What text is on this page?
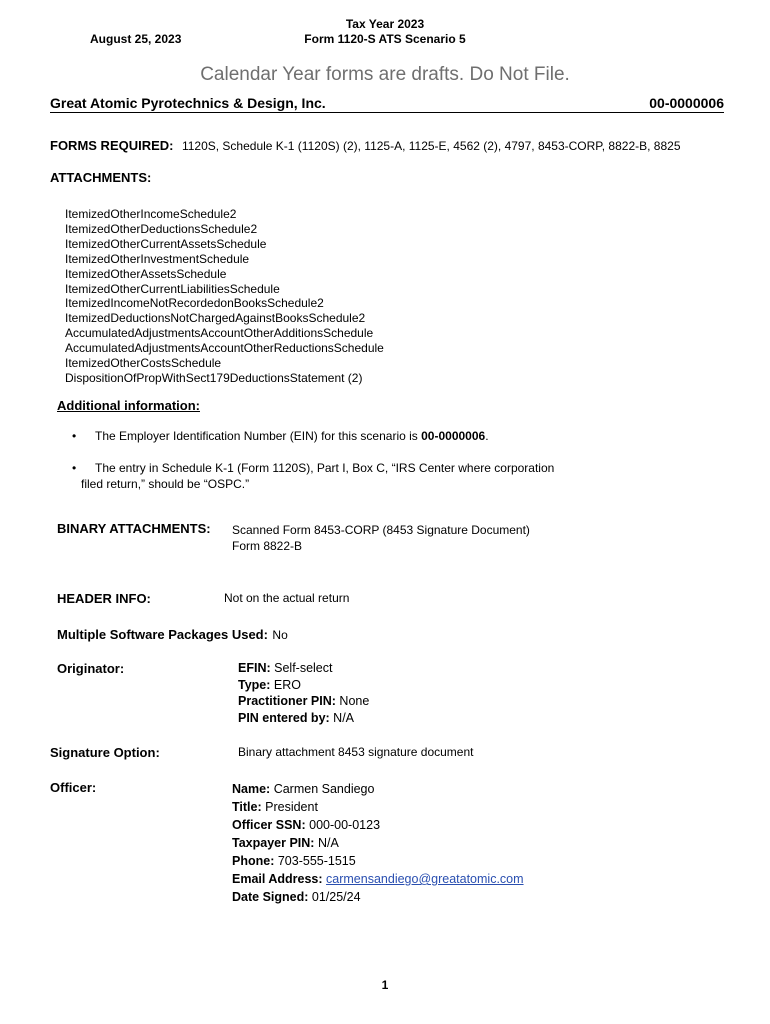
August 25, 2023
Tax Year 2023
Form 1120-S ATS Scenario 5
Calendar Year forms are drafts. Do Not File.
Great Atomic Pyrotechnics & Design, Inc.	00-0000006
FORMS REQUIRED: 1120S, Schedule K-1 (1120S) (2), 1125-A, 1125-E, 4562 (2), 4797, 8453-CORP, 8822-B, 8825
ATTACHMENTS:
ItemizedOtherIncomeSchedule2
ItemizedOtherDeductionsSchedule2
ItemizedOtherCurrentAssetsSchedule
ItemizedOtherInvestmentSchedule
ItemizedOtherAssetsSchedule
ItemizedOtherCurrentLiabilitiesSchedule
ItemizedIncomeNotRecordedonBooksSchedule2
ItemizedDeductionsNotChargedAgainstBooksSchedule2
AccumulatedAdjustmentsAccountOtherAdditionsSchedule
AccumulatedAdjustmentsAccountOtherReductionsSchedule
ItemizedOtherCostsSchedule
DispositionOfPropWithSect179DeductionsStatement (2)
Additional information:
• The Employer Identification Number (EIN) for this scenario is 00-0000006.
• The entry in Schedule K-1 (Form 1120S), Part I, Box C, “IRS Center where corporation
filed return,” should be “OSPC.”
BINARY ATTACHMENTS: Scanned Form 8453-CORP (8453 Signature Document)
Form 8822-B
HEADER INFO:	Not on the actual return
Multiple Software Packages Used: No
Originator:	EFIN: Self-select
Type: ERO
Practitioner PIN: None
PIN entered by: N/A
Signature Option:	Binary attachment 8453 signature document
Officer:	Name: Carmen Sandiego
Title: President
Officer SSN: 000-00-0123
Taxpayer PIN: N/A
Phone: 703-555-1515
Email Address: carmensandiego@greatatomic.com
Date Signed: 01/25/24
1
